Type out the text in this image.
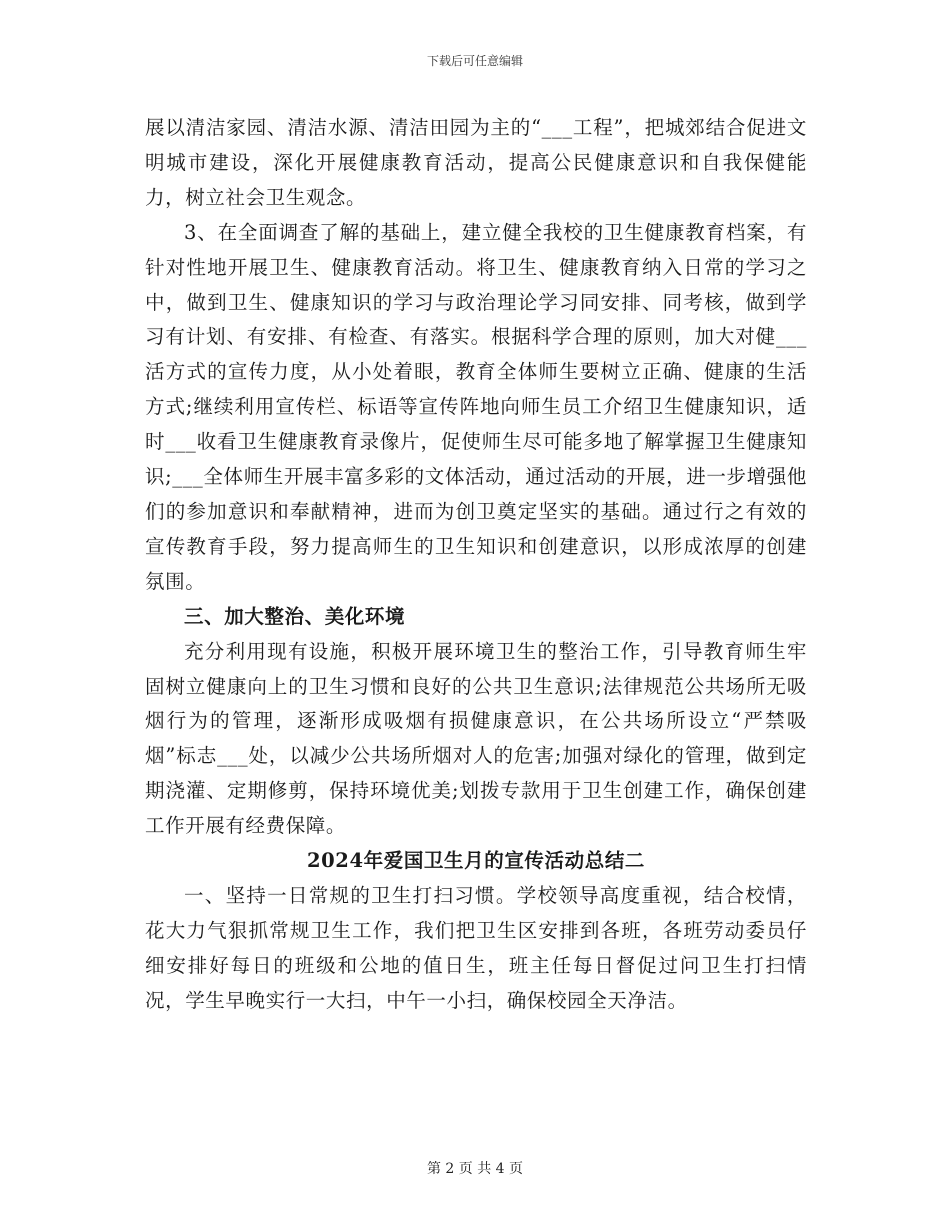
下载后可任意编辑

展以清洁家园、清洁水源、清洁田园为主的“___工程”，把城郊结合促进文明城市建设，深化开展健康教育活动，提高公民健康意识和自我保健能力，树立社会卫生观念。

3、在全面调查了解的基础上，建立健全我校的卫生健康教育档案，有针对性地开展卫生、健康教育活动。将卫生、健康教育纳入日常的学习之中，做到卫生、健康知识的学习与政治理论学习同安排、同考核，做到学习有计划、有安排、有检查、有落实。根据科学合理的原则，加大对健___活方式的宣传力度，从小处着眼，教育全体师生要树立正确、健康的生活方式;继续利用宣传栏、标语等宣传阵地向师生员工介绍卫生健康知识，适时___收看卫生健康教育录像片，促使师生尽可能多地了解掌握卫生健康知识;___全体师生开展丰富多彩的文体活动，通过活动的开展，进一步增强他们的参加意识和奉献精神，进而为创卫奠定坚实的基础。通过行之有效的宣传教育手段，努力提高师生的卫生知识和创建意识，以形成浓厚的创建氛围。

三、加大整治、美化环境

充分利用现有设施，积极开展环境卫生的整治工作，引导教育师生牢固树立健康向上的卫生习惯和良好的公共卫生意识;法律规范公共场所无吸烟行为的管理，逐渐形成吸烟有损健康意识，在公共场所设立“严禁吸烟”标志___处，以减少公共场所烟对人的危害;加强对绿化的管理，做到定期浇灌、定期修剪，保持环境优美;划拨专款用于卫生创建工作，确保创建工作开展有经费保障。

2024年爱国卫生月的宣传活动总结二

一、坚持一日常规的卫生打扫习惯。学校领导高度重视，结合校情，花大力气狠抓常规卫生工作，我们把卫生区安排到各班，各班劳动委员仔细安排好每日的班级和公地的值日生，班主任每日督促过问卫生打扫情况，学生早晚实行一大扫，中午一小扫，确保校园全天净洁。

第 2 页 共 4 页
